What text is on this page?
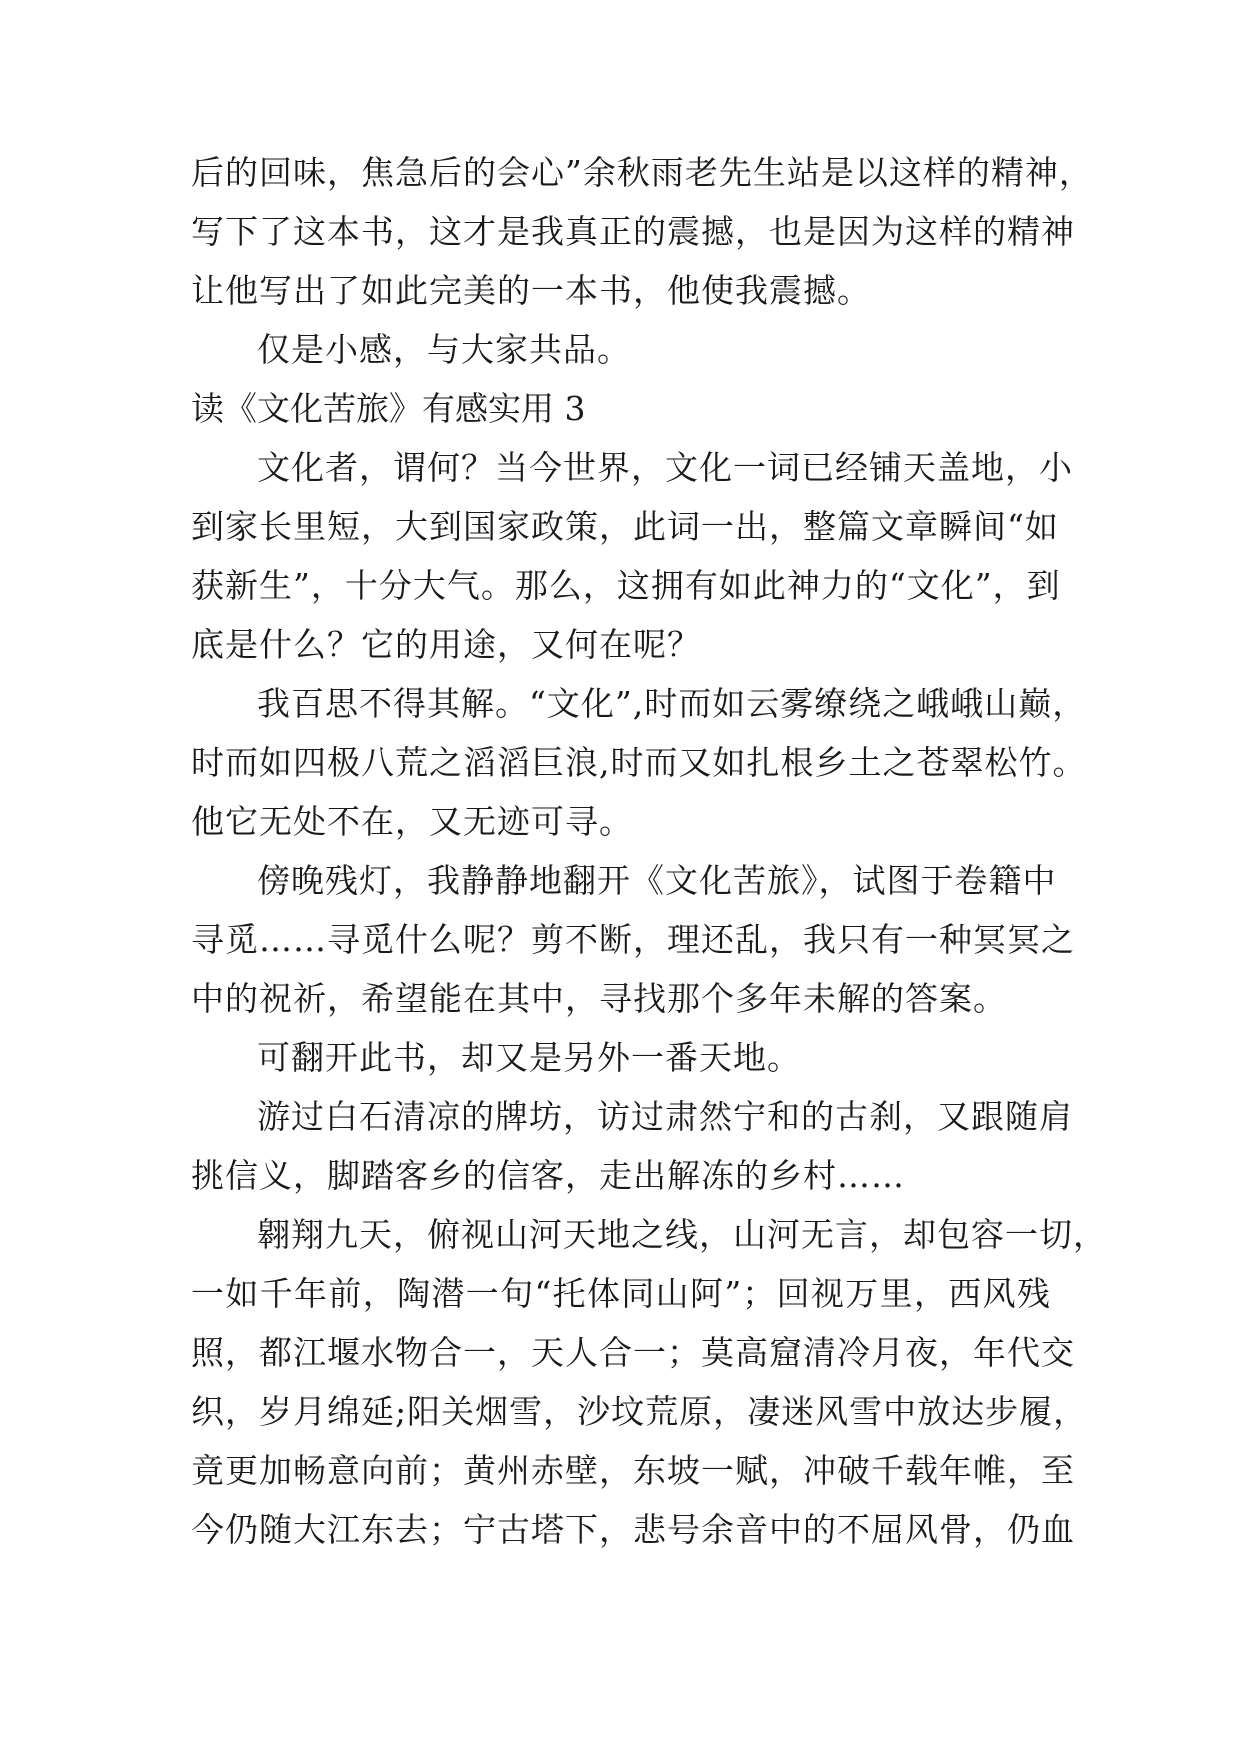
后的回味，焦急后的会心”余秋雨老先生站是以这样的精神，
写下了这本书，这才是我真正的震撼，也是因为这样的精神
让他写出了如此完美的一本书，他使我震撼。
仅是小感，与大家共品。
读《文化苦旅》有感实用 3
文化者，谓何？当今世界，文化一词已经铺天盖地，小
到家长里短，大到国家政策，此词一出，整篇文章瞬间“如
获新生”，十分大气。那么，这拥有如此神力的“文化”，到
底是什么？它的用途，又何在呢？
我百思不得其解。“文化”,时而如云雾缭绕之峨峨山巅，
时而如四极八荒之滔滔巨浪,时而又如扎根乡土之苍翠松竹。
他它无处不在，又无迹可寻。
傍晚残灯，我静静地翻开《文化苦旅》，试图于卷籍中
寻觅……寻觅什么呢？剪不断，理还乱，我只有一种冥冥之
中的祝祈，希望能在其中，寻找那个多年未解的答案。
可翻开此书，却又是另外一番天地。
游过白石清凉的牌坊，访过肃然宁和的古刹，又跟随肩
挑信义，脚踏客乡的信客，走出解冻的乡村……
翱翔九天，俯视山河天地之线，山河无言，却包容一切，
一如千年前，陶潜一句“托体同山阿”；回视万里，西风残
照，都江堰水物合一，天人合一；莫高窟清冷月夜，年代交
织，岁月绵延;阳关烟雪，沙坟荒原，凄迷风雪中放达步履，
竟更加畅意向前；黄州赤壁，东坡一赋，冲破千载年帷，至
今仍随大江东去；宁古塔下，悲号余音中的不屈风骨，仍血
